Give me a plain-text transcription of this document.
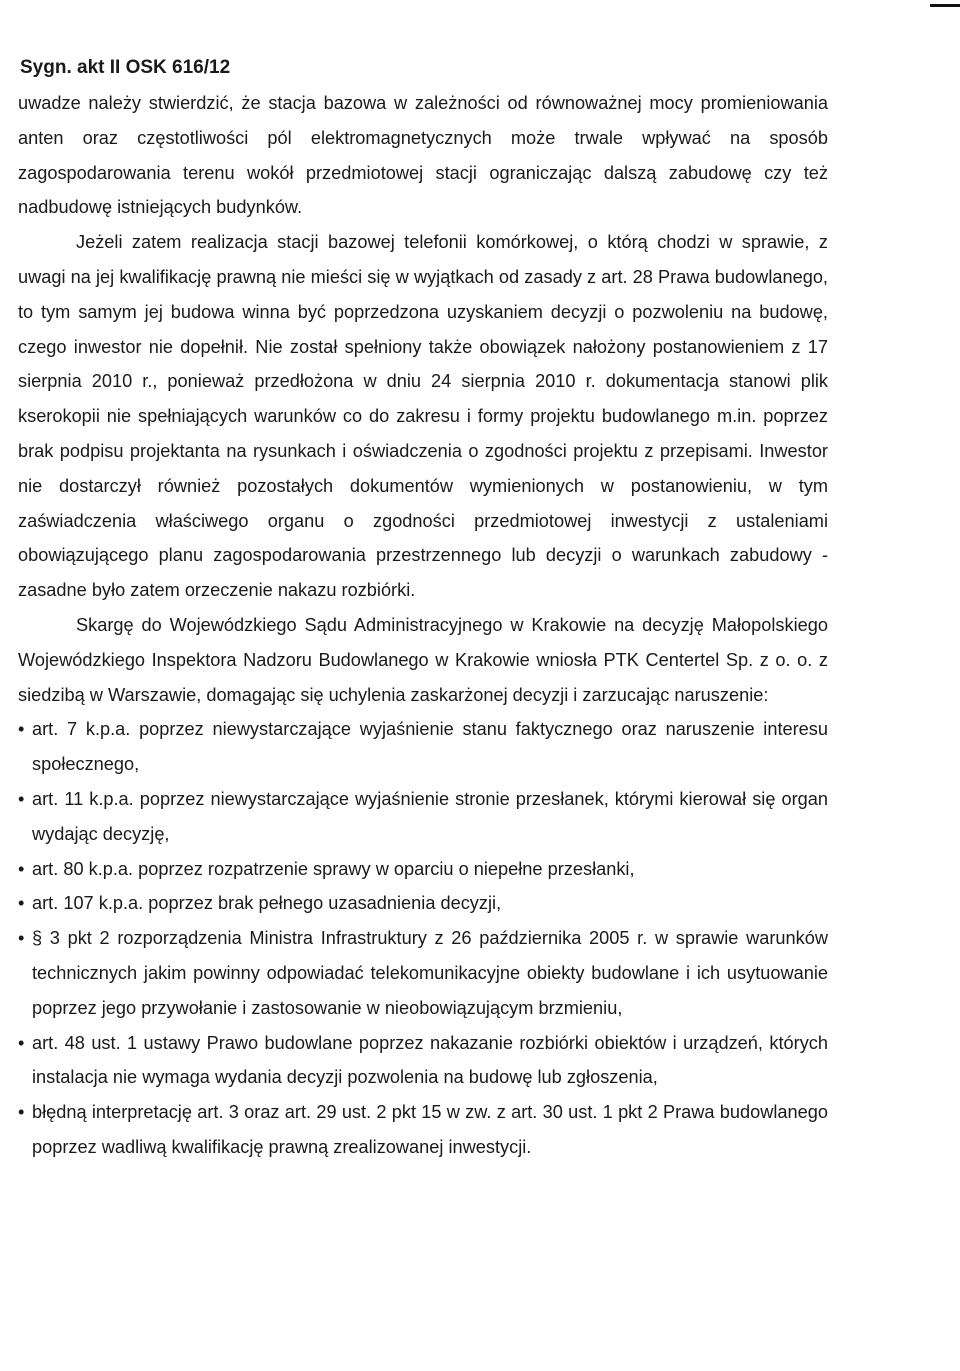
Sygn. akt II OSK 616/12

uwadze należy stwierdzić, że stacja bazowa w zależności od równoważnej mocy promieniowania anten oraz częstotliwości pól elektromagnetycznych może trwale wpływać na sposób zagospodarowania terenu wokół przedmiotowej stacji ograniczając dalszą zabudowę czy też nadbudowę istniejących budynków.

Jeżeli zatem realizacja stacji bazowej telefonii komórkowej, o którą chodzi w sprawie, z uwagi na jej kwalifikację prawną nie mieści się w wyjątkach od zasady z art. 28 Prawa budowlanego, to tym samym jej budowa winna być poprzedzona uzyskaniem decyzji o pozwoleniu na budowę, czego inwestor nie dopełnił. Nie został spełniony także obowiązek nałożony postanowieniem z 17 sierpnia 2010 r., ponieważ przedłożona w dniu 24 sierpnia 2010 r. dokumentacja stanowi plik kserokopii nie spełniających warunków co do zakresu i formy projektu budowlanego m.in. poprzez brak podpisu projektanta na rysunkach i oświadczenia o zgodności projektu z przepisami. Inwestor nie dostarczył również pozostałych dokumentów wymienionych w postanowieniu, w tym zaświadczenia właściwego organu o zgodności przedmiotowej inwestycji z ustaleniami obowiązującego planu zagospodarowania przestrzennego lub decyzji o warunkach zabudowy - zasadne było zatem orzeczenie nakazu rozbiórki.

Skargę do Wojewódzkiego Sądu Administracyjnego w Krakowie na decyzję Małopolskiego Wojewódzkiego Inspektora Nadzoru Budowlanego w Krakowie wniosła PTK Centertel Sp. z o. o. z siedzibą w Warszawie, domagając się uchylenia zaskarżonej decyzji i zarzucając naruszenie:

• art. 7 k.p.a. poprzez niewystarczające wyjaśnienie stanu faktycznego oraz naruszenie interesu społecznego,

• art. 11 k.p.a. poprzez niewystarczające wyjaśnienie stronie przesłanek, którymi kierował się organ wydając decyzję,

• art. 80 k.p.a. poprzez rozpatrzenie sprawy w oparciu o niepełne przesłanki,

• art. 107 k.p.a. poprzez brak pełnego uzasadnienia decyzji,

• § 3 pkt 2 rozporządzenia Ministra Infrastruktury z 26 października 2005 r. w sprawie warunków technicznych jakim powinny odpowiadać telekomunikacyjne obiekty budowlane i ich usytuowanie poprzez jego przywołanie i zastosowanie w nieobowiązującym brzmieniu,

• art. 48 ust. 1 ustawy Prawo budowlane poprzez nakazanie rozbiórki obiektów i urządzeń, których instalacja nie wymaga wydania decyzji pozwolenia na budowę lub zgłoszenia,

• błędną interpretację art. 3 oraz art. 29 ust. 2 pkt 15 w zw. z art. 30 ust. 1 pkt 2 Prawa budowlanego poprzez wadliwą kwalifikację prawną zrealizowanej inwestycji.
